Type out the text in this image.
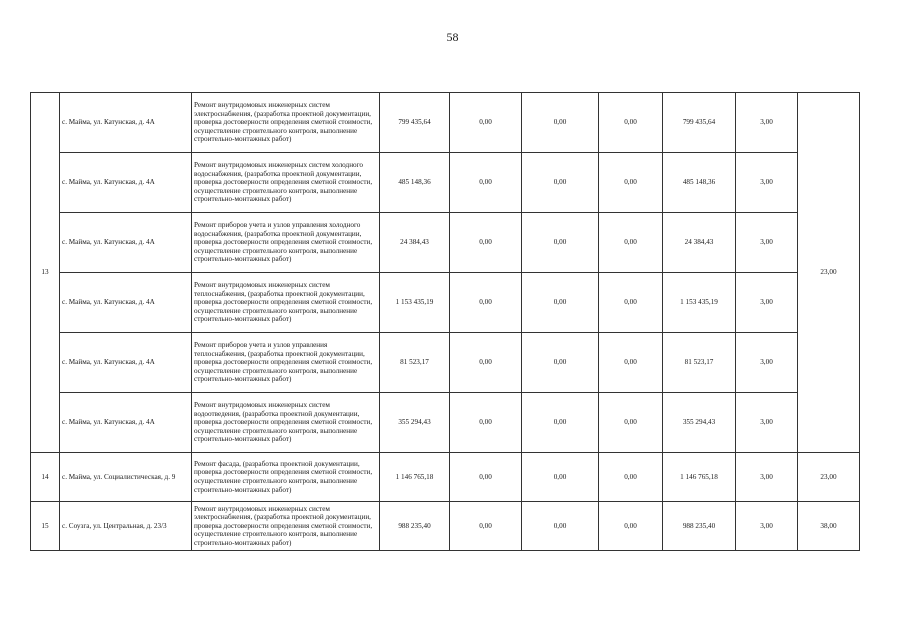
58
13	с. Майма, ул. Катунская, д. 4А	Ремонт внутридомовых инженерных систем электроснабжения, (разработка проектной документации, проверка достоверности определения сметной стоимости, осуществление строительного контроля, выполнение строительно-монтажных работ)	799 435,64	0,00	0,00	0,00	799 435,64	3,00	23,00
	с. Майма, ул. Катунская, д. 4А	Ремонт внутридомовых инженерных систем холодного водоснабжения, (разработка проектной документации, проверка достоверности определения сметной стоимости, осуществление строительного контроля, выполнение строительно-монтажных работ)	485 148,36	0,00	0,00	0,00	485 148,36	3,00	
	с. Майма, ул. Катунская, д. 4А	Ремонт приборов учета и узлов управления холодного водоснабжения, (разработка проектной документации, проверка достоверности определения сметной стоимости, осуществление строительного контроля, выполнение строительно-монтажных работ)	24 384,43	0,00	0,00	0,00	24 384,43	3,00	
	с. Майма, ул. Катунская, д. 4А	Ремонт внутридомовых инженерных систем теплоснабжения, (разработка проектной документации, проверка достоверности определения сметной стоимости, осуществление строительного контроля, выполнение строительно-монтажных работ)	1 153 435,19	0,00	0,00	0,00	1 153 435,19	3,00	
	с. Майма, ул. Катунская, д. 4А	Ремонт приборов учета и узлов управления теплоснабжения, (разработка проектной документации, проверка достоверности определения сметной стоимости, осуществление строительного контроля, выполнение строительно-монтажных работ)	81 523,17	0,00	0,00	0,00	81 523,17	3,00	
	с. Майма, ул. Катунская, д. 4А	Ремонт внутридомовых инженерных систем водоотведения, (разработка проектной документации, проверка достоверности определения сметной стоимости, осуществление строительного контроля, выполнение строительно-монтажных работ)	355 294,43	0,00	0,00	0,00	355 294,43	3,00	
14	с. Майма, ул. Социалистическая, д. 9	Ремонт фасада, (разработка проектной документации, проверка достоверности определения сметной стоимости, осуществление строительного контроля, выполнение строительно-монтажных работ)	1 146 765,18	0,00	0,00	0,00	1 146 765,18	3,00	23,00
15	с. Соузга, ул. Центральная, д. 23/3	Ремонт внутридомовых инженерных систем электроснабжения, (разработка проектной документации, проверка достоверности определения сметной стоимости, осуществление строительного контроля, выполнение строительно-монтажных работ)	988 235,40	0,00	0,00	0,00	988 235,40	3,00	38,00
